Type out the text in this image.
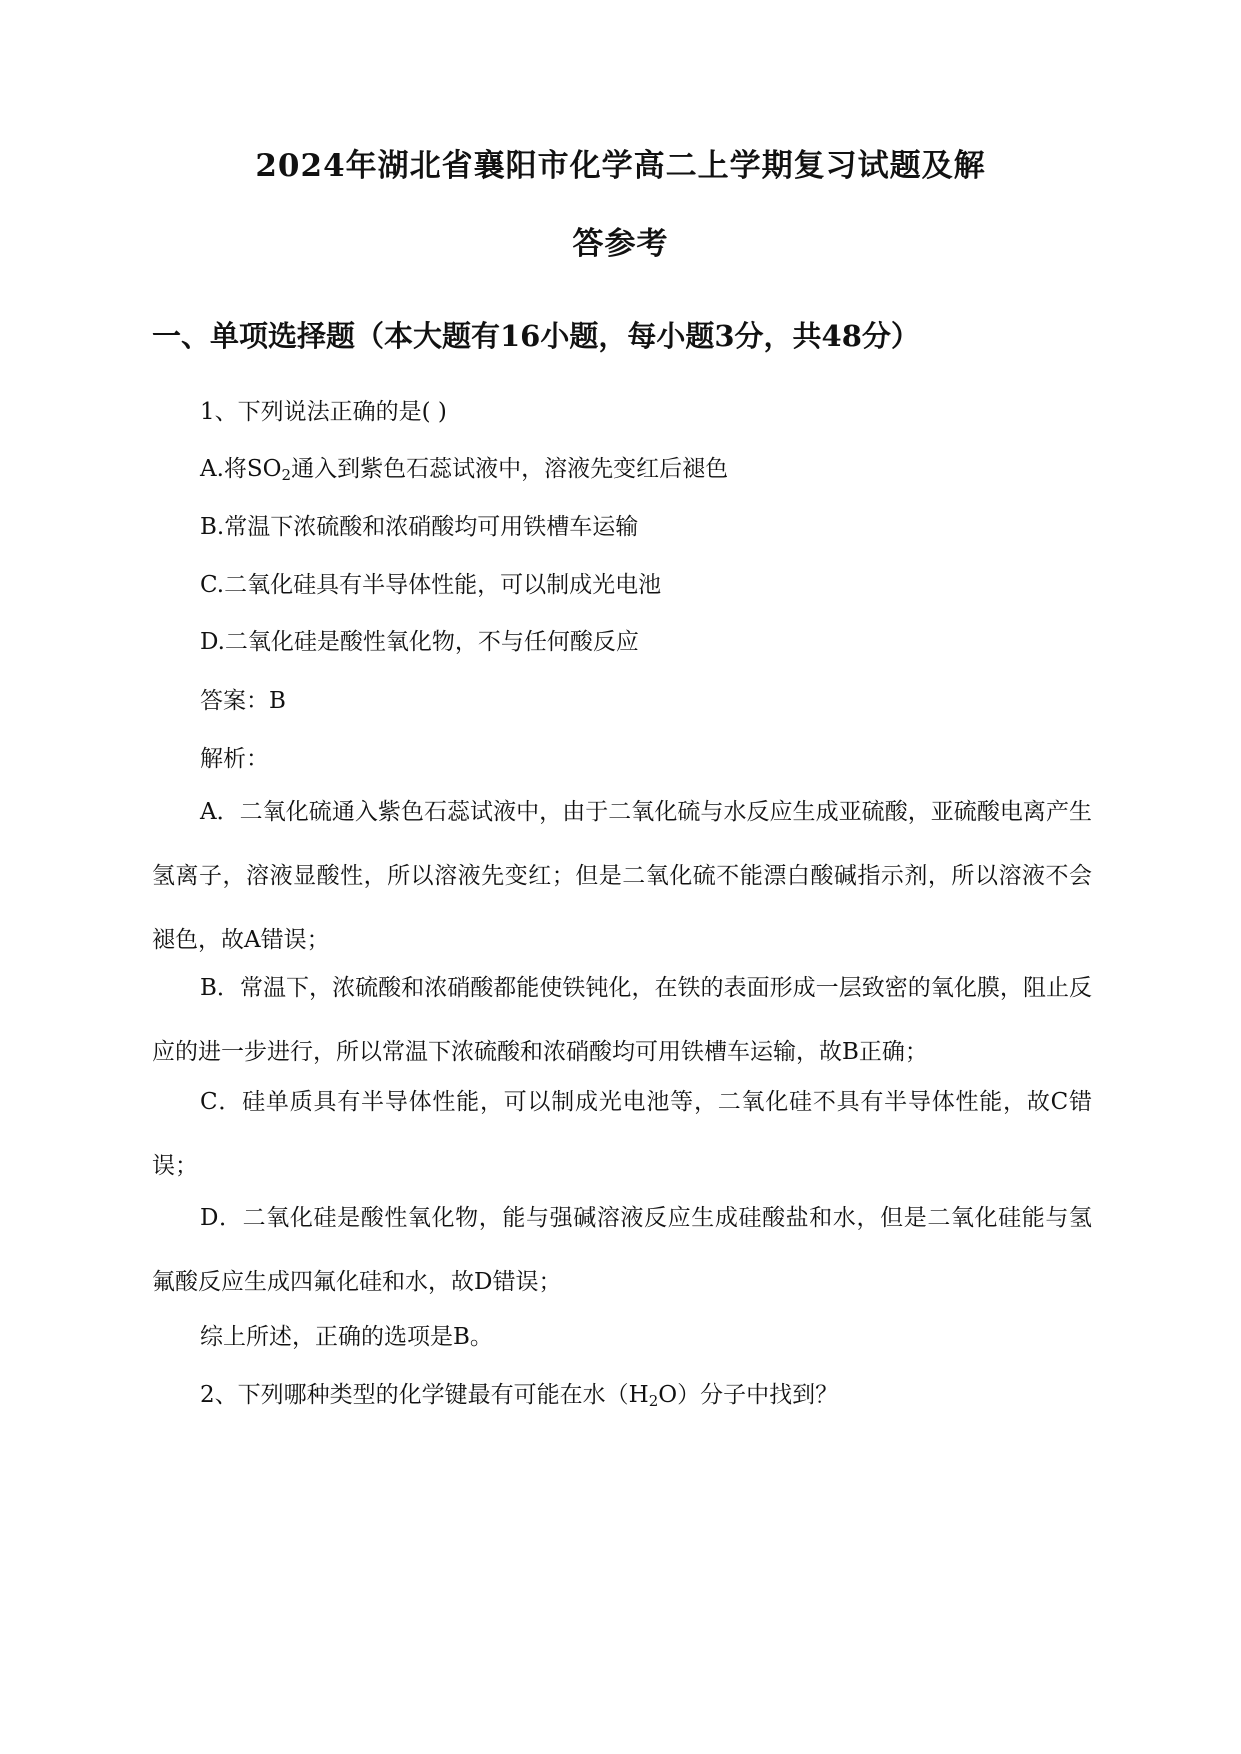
2024年湖北省襄阳市化学高二上学期复习试题及解
答参考
一、单项选择题（本大题有16小题，每小题3分，共48分）
1、下列说法正确的是( )
A.将$SO_2$通入到紫色石蕊试液中，溶液先变红后褪色
B.常温下浓硫酸和浓硝酸均可用铁槽车运输
C.二氧化硅具有半导体性能，可以制成光电池
D.二氧化硅是酸性氧化物，不与任何酸反应
答案：B
解析：
A．二氧化硫通入紫色石蕊试液中，由于二氧化硫与水反应生成亚硫酸，亚硫酸电离产生氢离子，溶液显酸性，所以溶液先变红；但是二氧化硫不能漂白酸碱指示剂，所以溶液不会褪色，故A错误；
B．常温下，浓硫酸和浓硝酸都能使铁钝化，在铁的表面形成一层致密的氧化膜，阻止反应的进一步进行，所以常温下浓硫酸和浓硝酸均可用铁槽车运输，故B正确；
C．硅单质具有半导体性能，可以制成光电池等，二氧化硅不具有半导体性能，故C错误；
D．二氧化硅是酸性氧化物，能与强碱溶液反应生成硅酸盐和水，但是二氧化硅能与氢氟酸反应生成四氟化硅和水，故D错误；
综上所述，正确的选项是B。
2、下列哪种类型的化学键最有可能在水$(H_2O)$分子中找到？
